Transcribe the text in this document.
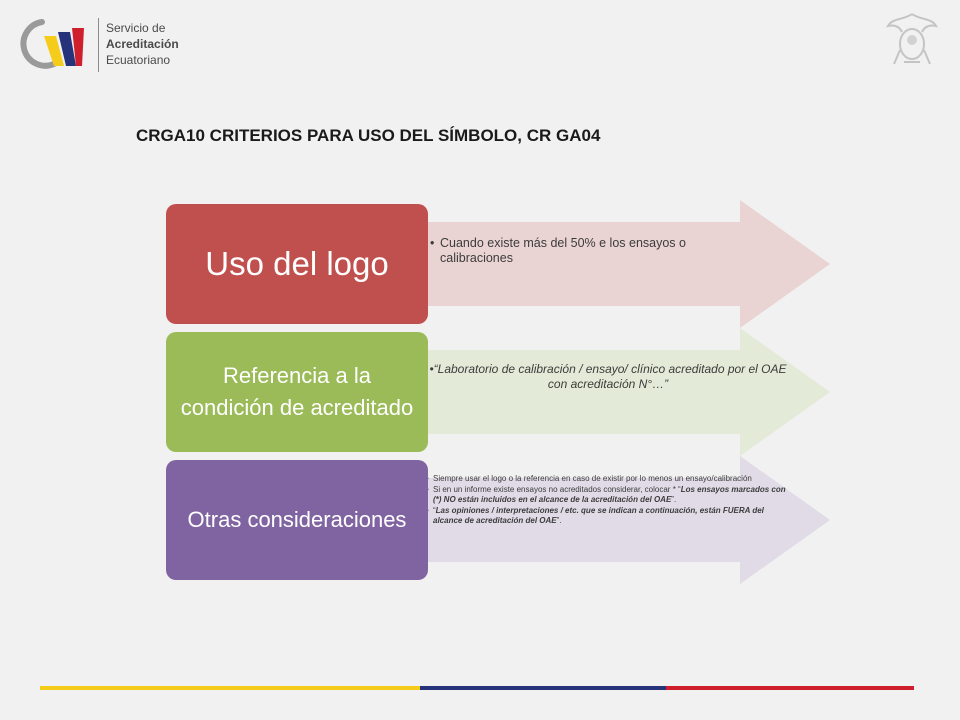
Servicio de
Acreditación
Ecuatoriano
CRGA10 CRITERIOS PARA USO DEL SÍMBOLO, CR GA04
• Cuando existe más del 50% e los ensayos o calibraciones
Uso del logo
•“Laboratorio de calibración / ensayo/ clínico acreditado por el OAE con acreditación N°…”
Referencia a la condición de acreditado
• Siempre usar el logo o la referencia en caso de existir por lo menos un ensayo/calibración
• Si en un informe existe ensayos no acreditados considerar, colocar * “Los ensayos marcados con (*) NO están incluidos en el alcance de la acreditación del OAE”.
• “Las opiniones / interpretaciones / etc. que se indican a continuación, están FUERA del alcance de acreditación del OAE”.
Otras consideraciones
